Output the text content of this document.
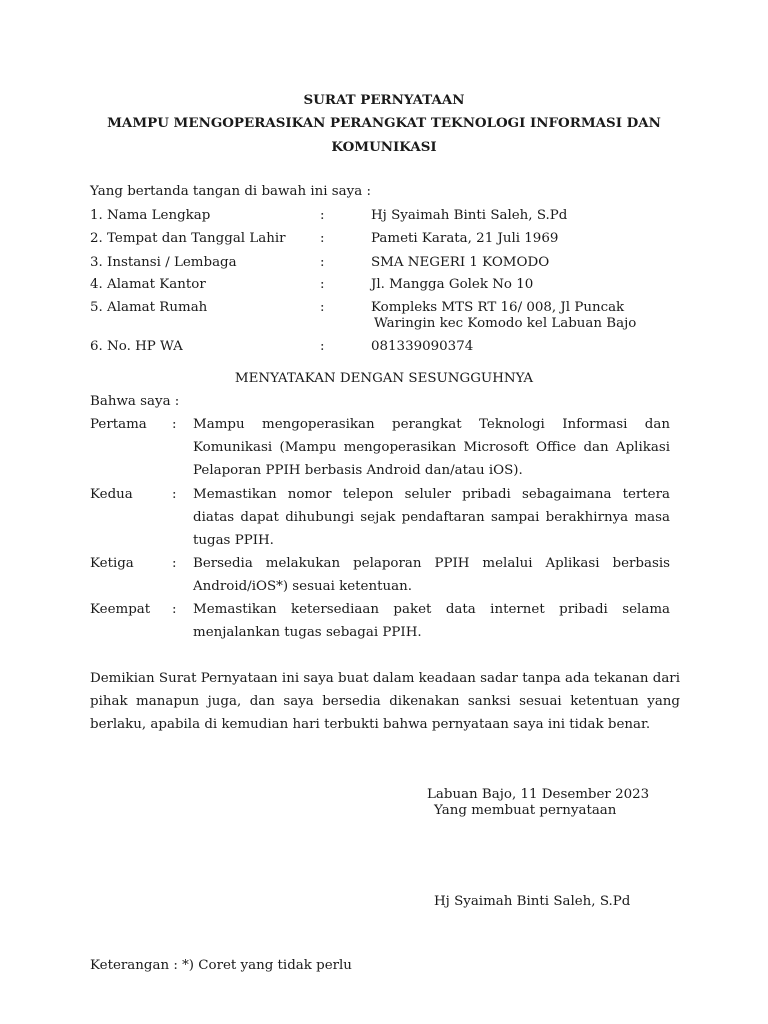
SURAT PERNYATAAN
MAMPU MENGOPERASIKAN PERANGKAT TEKNOLOGI INFORMASI DAN
KOMUNIKASI
Yang bertanda tangan di bawah ini saya :
1. Nama Lengkap	:	Hj Syaimah Binti Saleh, S.Pd
2. Tempat dan Tanggal Lahir	:	Pameti Karata, 21 Juli 1969
3. Instansi / Lembaga	:	SMA NEGERI 1 KOMODO
4. Alamat Kantor	:	Jl. Mangga Golek No 10
5. Alamat Rumah	:	Kompleks MTS RT 16/ 008, Jl Puncak
Waringin kec Komodo kel Labuan Bajo
6. No. HP WA	:	081339090374
MENYATAKAN DENGAN SESUNGGUHNYA
Bahwa saya :
Pertama : Mampu mengoperasikan perangkat Teknologi Informasi dan Komunikasi (Mampu mengoperasikan Microsoft Office dan Aplikasi Pelaporan PPIH berbasis Android dan/atau iOS).
Kedua	: Memastikan nomor telepon seluler pribadi sebagaimana tertera diatas dapat dihubungi sejak pendaftaran sampai berakhirnya masa tugas PPIH.
Ketiga	: Bersedia melakukan pelaporan PPIH melalui Aplikasi berbasis Android/iOS*) sesuai ketentuan.
Keempat : Memastikan ketersediaan paket data internet pribadi selama menjalankan tugas sebagai PPIH.
Demikian Surat Pernyataan ini saya buat dalam keadaan sadar tanpa ada tekanan dari pihak manapun juga, dan saya bersedia dikenakan sanksi sesuai ketentuan yang berlaku, apabila di kemudian hari terbukti bahwa pernyataan saya ini tidak benar.
Labuan Bajo, 11 Desember 2023
Yang membuat pernyataan
Hj Syaimah Binti Saleh, S.Pd
Keterangan : *) Coret yang tidak perlu
